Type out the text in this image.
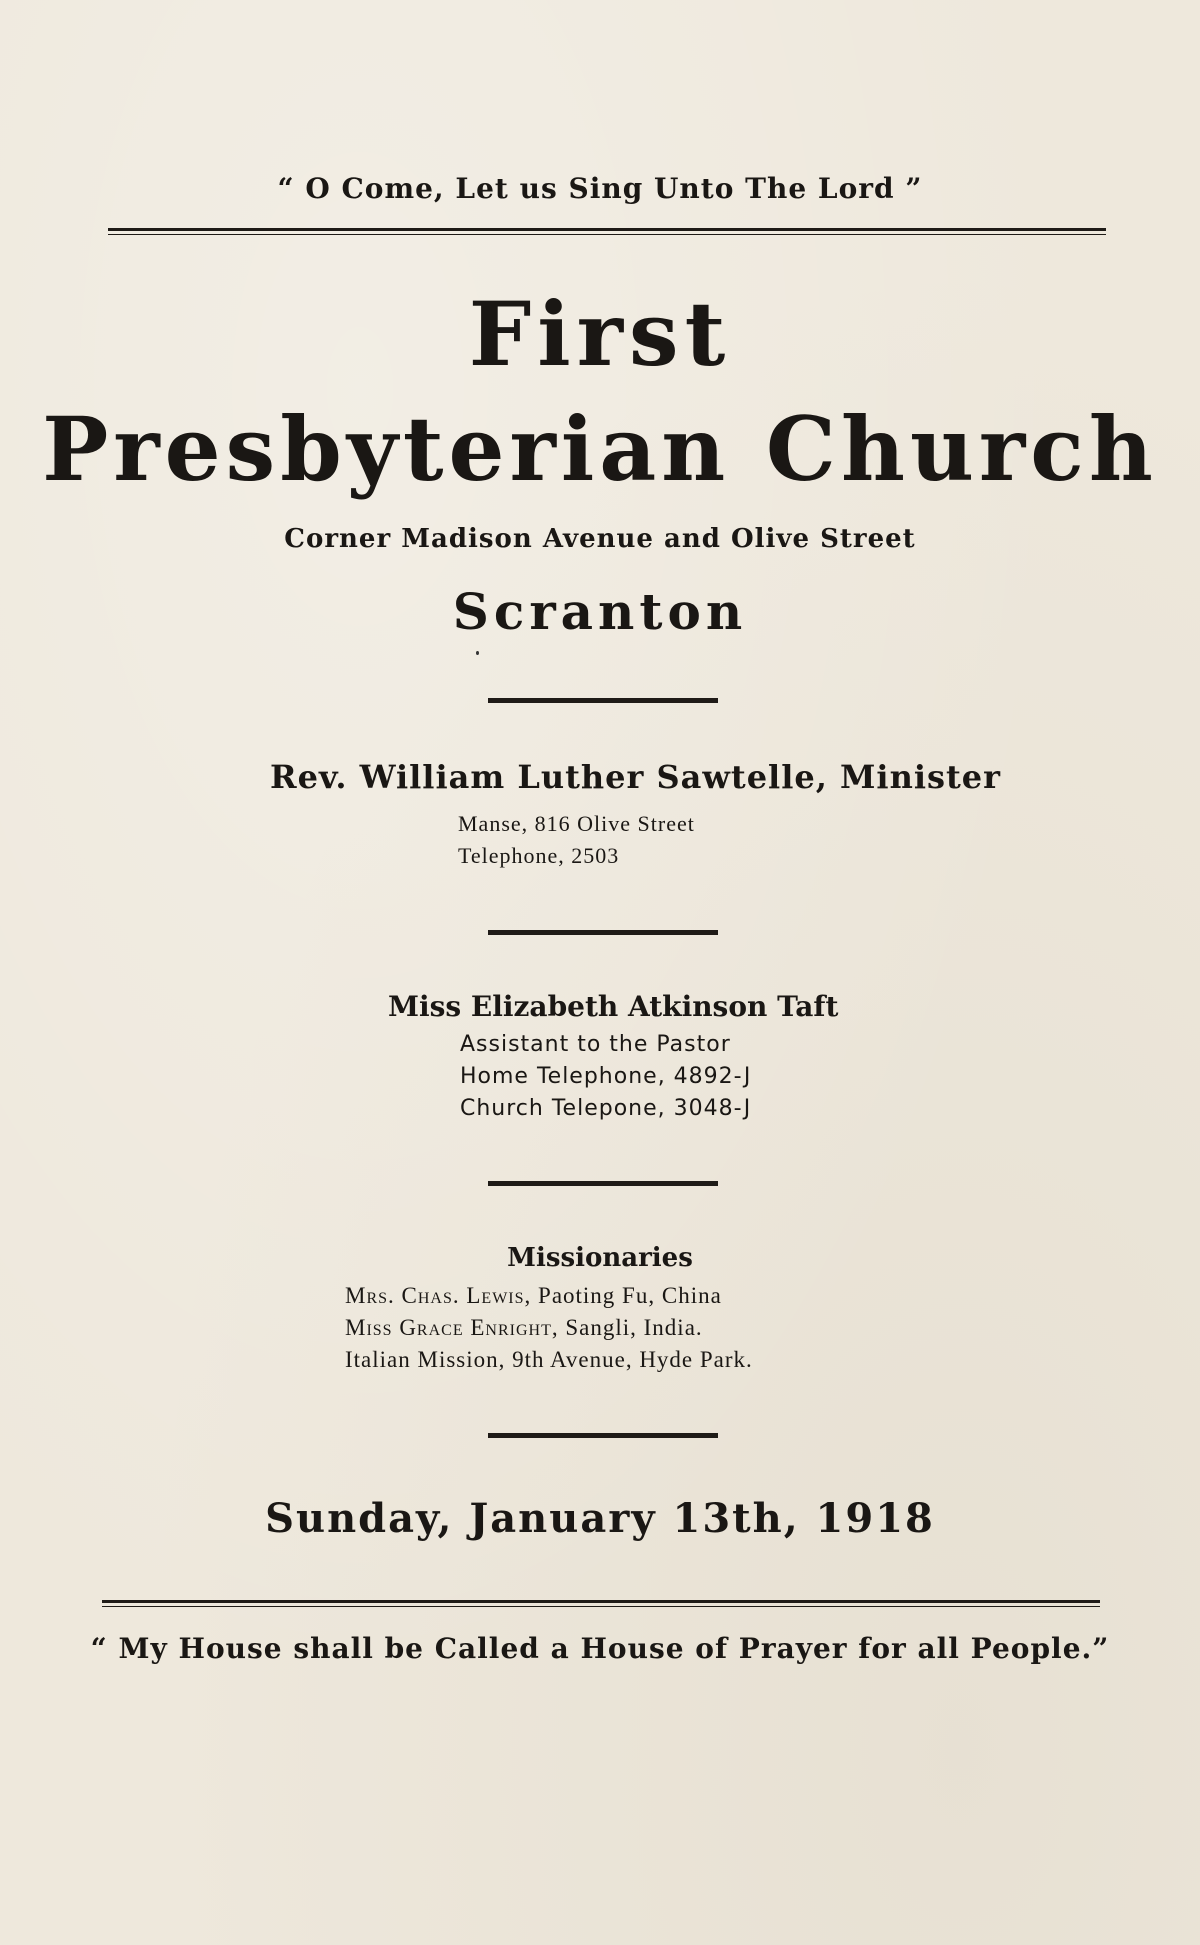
“ O Come, Let us Sing Unto The Lord ”
First
Presbyterian Church
Corner Madison Avenue and Olive Street
Scranton
Rev. William Luther Sawtelle, Minister
Manse, 816 Olive Street
Telephone, 2503
Miss Elizabeth Atkinson Taft
Assistant to the Pastor
Home Telephone, 4892-J
Church Telepone, 3048-J
Missionaries
Mrs. Chas. Lewis, Paoting Fu, China
Miss Grace Enright, Sangli, India.
Italian Mission, 9th Avenue, Hyde Park.
Sunday, January 13th, 1918
“ My House shall be Called a House of Prayer for all People.”
